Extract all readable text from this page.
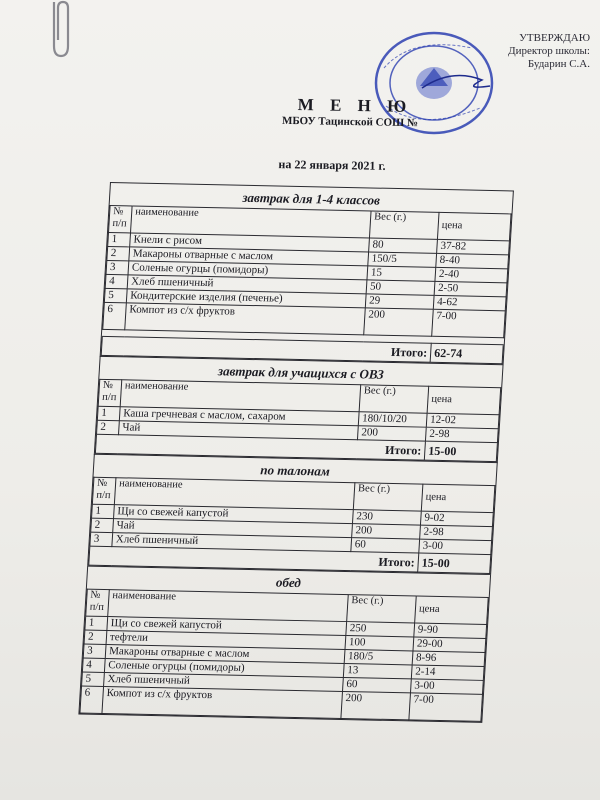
УТВЕРЖДАЮ
Директор школы:
Бударин С.А.
М Е Н Ю
МБОУ Тацинской СОШ №
на 22 января 2021 г.
завтрак для 1-4 классов
№ п/п	наименование	Вес (г.)	цена
1	Кнели с рисом	80	37-82
2	Макароны отварные с маслом	150/5	8-40
3	Соленые огурцы (помидоры)	15	2-40
4	Хлеб пшеничный	50	2-50
5	Кондитерские изделия (печенье)	29	4-62
6	Компот из с/х фруктов	200	7-00

Итого:			62-74
завтрак для учащихся с ОВЗ
№ п/п	наименование	Вес (г.)	цена
1	Каша гречневая с маслом, сахаром	180/10/20	12-02
2	Чай	200	2-98
Итого:			15-00
по талонам
№ п/п	наименование	Вес (г.)	цена
1	Щи со свежей капустой	230	9-02
2	Чай	200	2-98
3	Хлеб пшеничный	60	3-00
Итого:			15-00
обед
№ п/п	наименование	Вес (г.)	цена
1	Щи со свежей капустой	250	9-90
2	тефтели	100	29-00
3	Макароны отварные с маслом	180/5	8-96
4	Соленые огурцы (помидоры)	13	2-14
5	Хлеб пшеничный	60	3-00
6	Компот из с/х фруктов	200	7-00
